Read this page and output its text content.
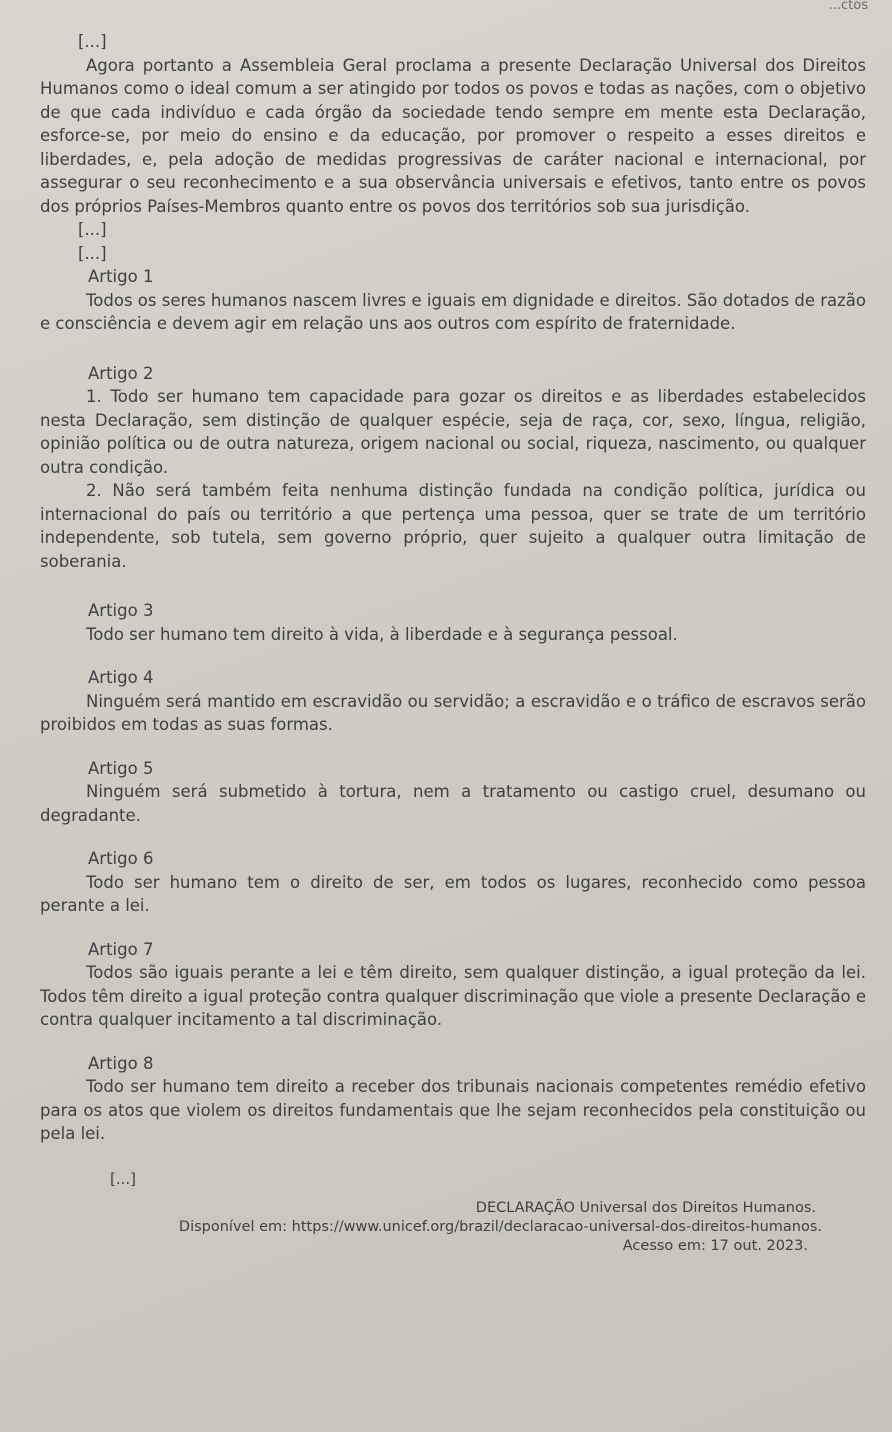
...ctos
[...]

Agora portanto a Assembleia Geral proclama a presente Declaração Universal dos Direitos Humanos como o ideal comum a ser atingido por todos os povos e todas as nações, com o objetivo de que cada indivíduo e cada órgão da sociedade tendo sempre em mente esta Declaração, esforce-se, por meio do ensino e da educação, por promover o respeito a esses direitos e liberdades, e, pela adoção de medidas progressivas de caráter nacional e internacional, por assegurar o seu reconhecimento e a sua observância universais e efetivos, tanto entre os povos dos próprios Países-Membros quanto entre os povos dos territórios sob sua jurisdição.

[...]
[...]
Artigo 1

Todos os seres humanos nascem livres e iguais em dignidade e direitos. São dotados de razão e consciência e devem agir em relação uns aos outros com espírito de fraternidade.

Artigo 2

1. Todo ser humano tem capacidade para gozar os direitos e as liberdades estabelecidos nesta Declaração, sem distinção de qualquer espécie, seja de raça, cor, sexo, língua, religião, opinião política ou de outra natureza, origem nacional ou social, riqueza, nascimento, ou qualquer outra condição.

2. Não será também feita nenhuma distinção fundada na condição política, jurídica ou internacional do país ou território a que pertença uma pessoa, quer se trate de um território independente, sob tutela, sem governo próprio, quer sujeito a qualquer outra limitação de soberania.

Artigo 3

Todo ser humano tem direito à vida, à liberdade e à segurança pessoal.

Artigo 4

Ninguém será mantido em escravidão ou servidão; a escravidão e o tráfico de escravos serão proibidos em todas as suas formas.

Artigo 5

Ninguém será submetido à tortura, nem a tratamento ou castigo cruel, desumano ou degradante.

Artigo 6

Todo ser humano tem o direito de ser, em todos os lugares, reconhecido como pessoa perante a lei.

Artigo 7

Todos são iguais perante a lei e têm direito, sem qualquer distinção, a igual proteção da lei. Todos têm direito a igual proteção contra qualquer discriminação que viole a presente Declaração e contra qualquer incitamento a tal discriminação.

Artigo 8

Todo ser humano tem direito a receber dos tribunais nacionais competentes remédio efetivo para os atos que violem os direitos fundamentais que lhe sejam reconhecidos pela constituição ou pela lei.

[...]
DECLARAÇÃO Universal dos Direitos Humanos.
Disponível em: https://www.unicef.org/brazil/declaracao-universal-dos-direitos-humanos.
Acesso em: 17 out. 2023.
